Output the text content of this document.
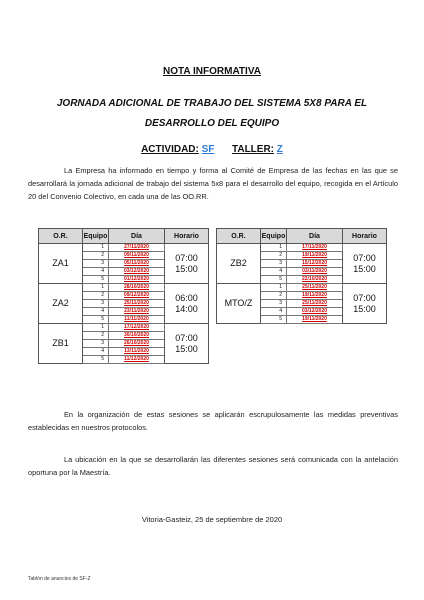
NOTA INFORMATIVA
JORNADA ADICIONAL DE TRABAJO DEL SISTEMA 5X8 PARA EL DESARROLLO DEL EQUIPO
ACTIVIDAD: SF TALLER: Z
La Empresa ha informado en tiempo y forma al Comité de Empresa de las fechas en las que se desarrollará la jornada adicional de trabajo del sistema 5x8 para el desarrollo del equipo, recogida en el Artículo 20 del Convenio Colectivo, en cada una de las OO.RR.
O.R.	Equipo	Día	Horario
ZA1	1	27/11/2020	07:00
15:00

	2	09/11/2020	
	3	05/11/2020	
	4	03/12/2020	
	5	01/12/2020	
ZA2	1	28/10/2020	06:00
14:00

	2	09/12/2020	
	3	25/11/2020	
	4	23/11/2020	
	5	11/11/2020	
ZB1	1	17/12/2020	07:00
15:00

	2	30/10/2020	
	3	26/10/2020	
	4	13/11/2020	
	5	11/12/2020	
O.R.	Equipo	Día	Horario
ZB2	1	17/11/2020	07:00
15:00

	2	19/11/2020	
	3	15/12/2020	
	4	03/11/2020	
	5	22/10/2020	
MTO/Z	1	25/11/2020	07:00
15:00

	2	19/11/2020	
	3	25/11/2020	
	4	03/12/2020	
	5	19/11/2020	
En la organización de estas sesiones se aplicarán escrupulosamente las medidas preventivas establecidas en nuestros protocolos.
La ubicación en la que se desarrollarán las diferentes sesiones será comunicada con la antelación oportuna por la Maestría.
Vitoria-Gasteiz, 25 de septiembre de 2020
Tablón de anuncios de SF-Z
